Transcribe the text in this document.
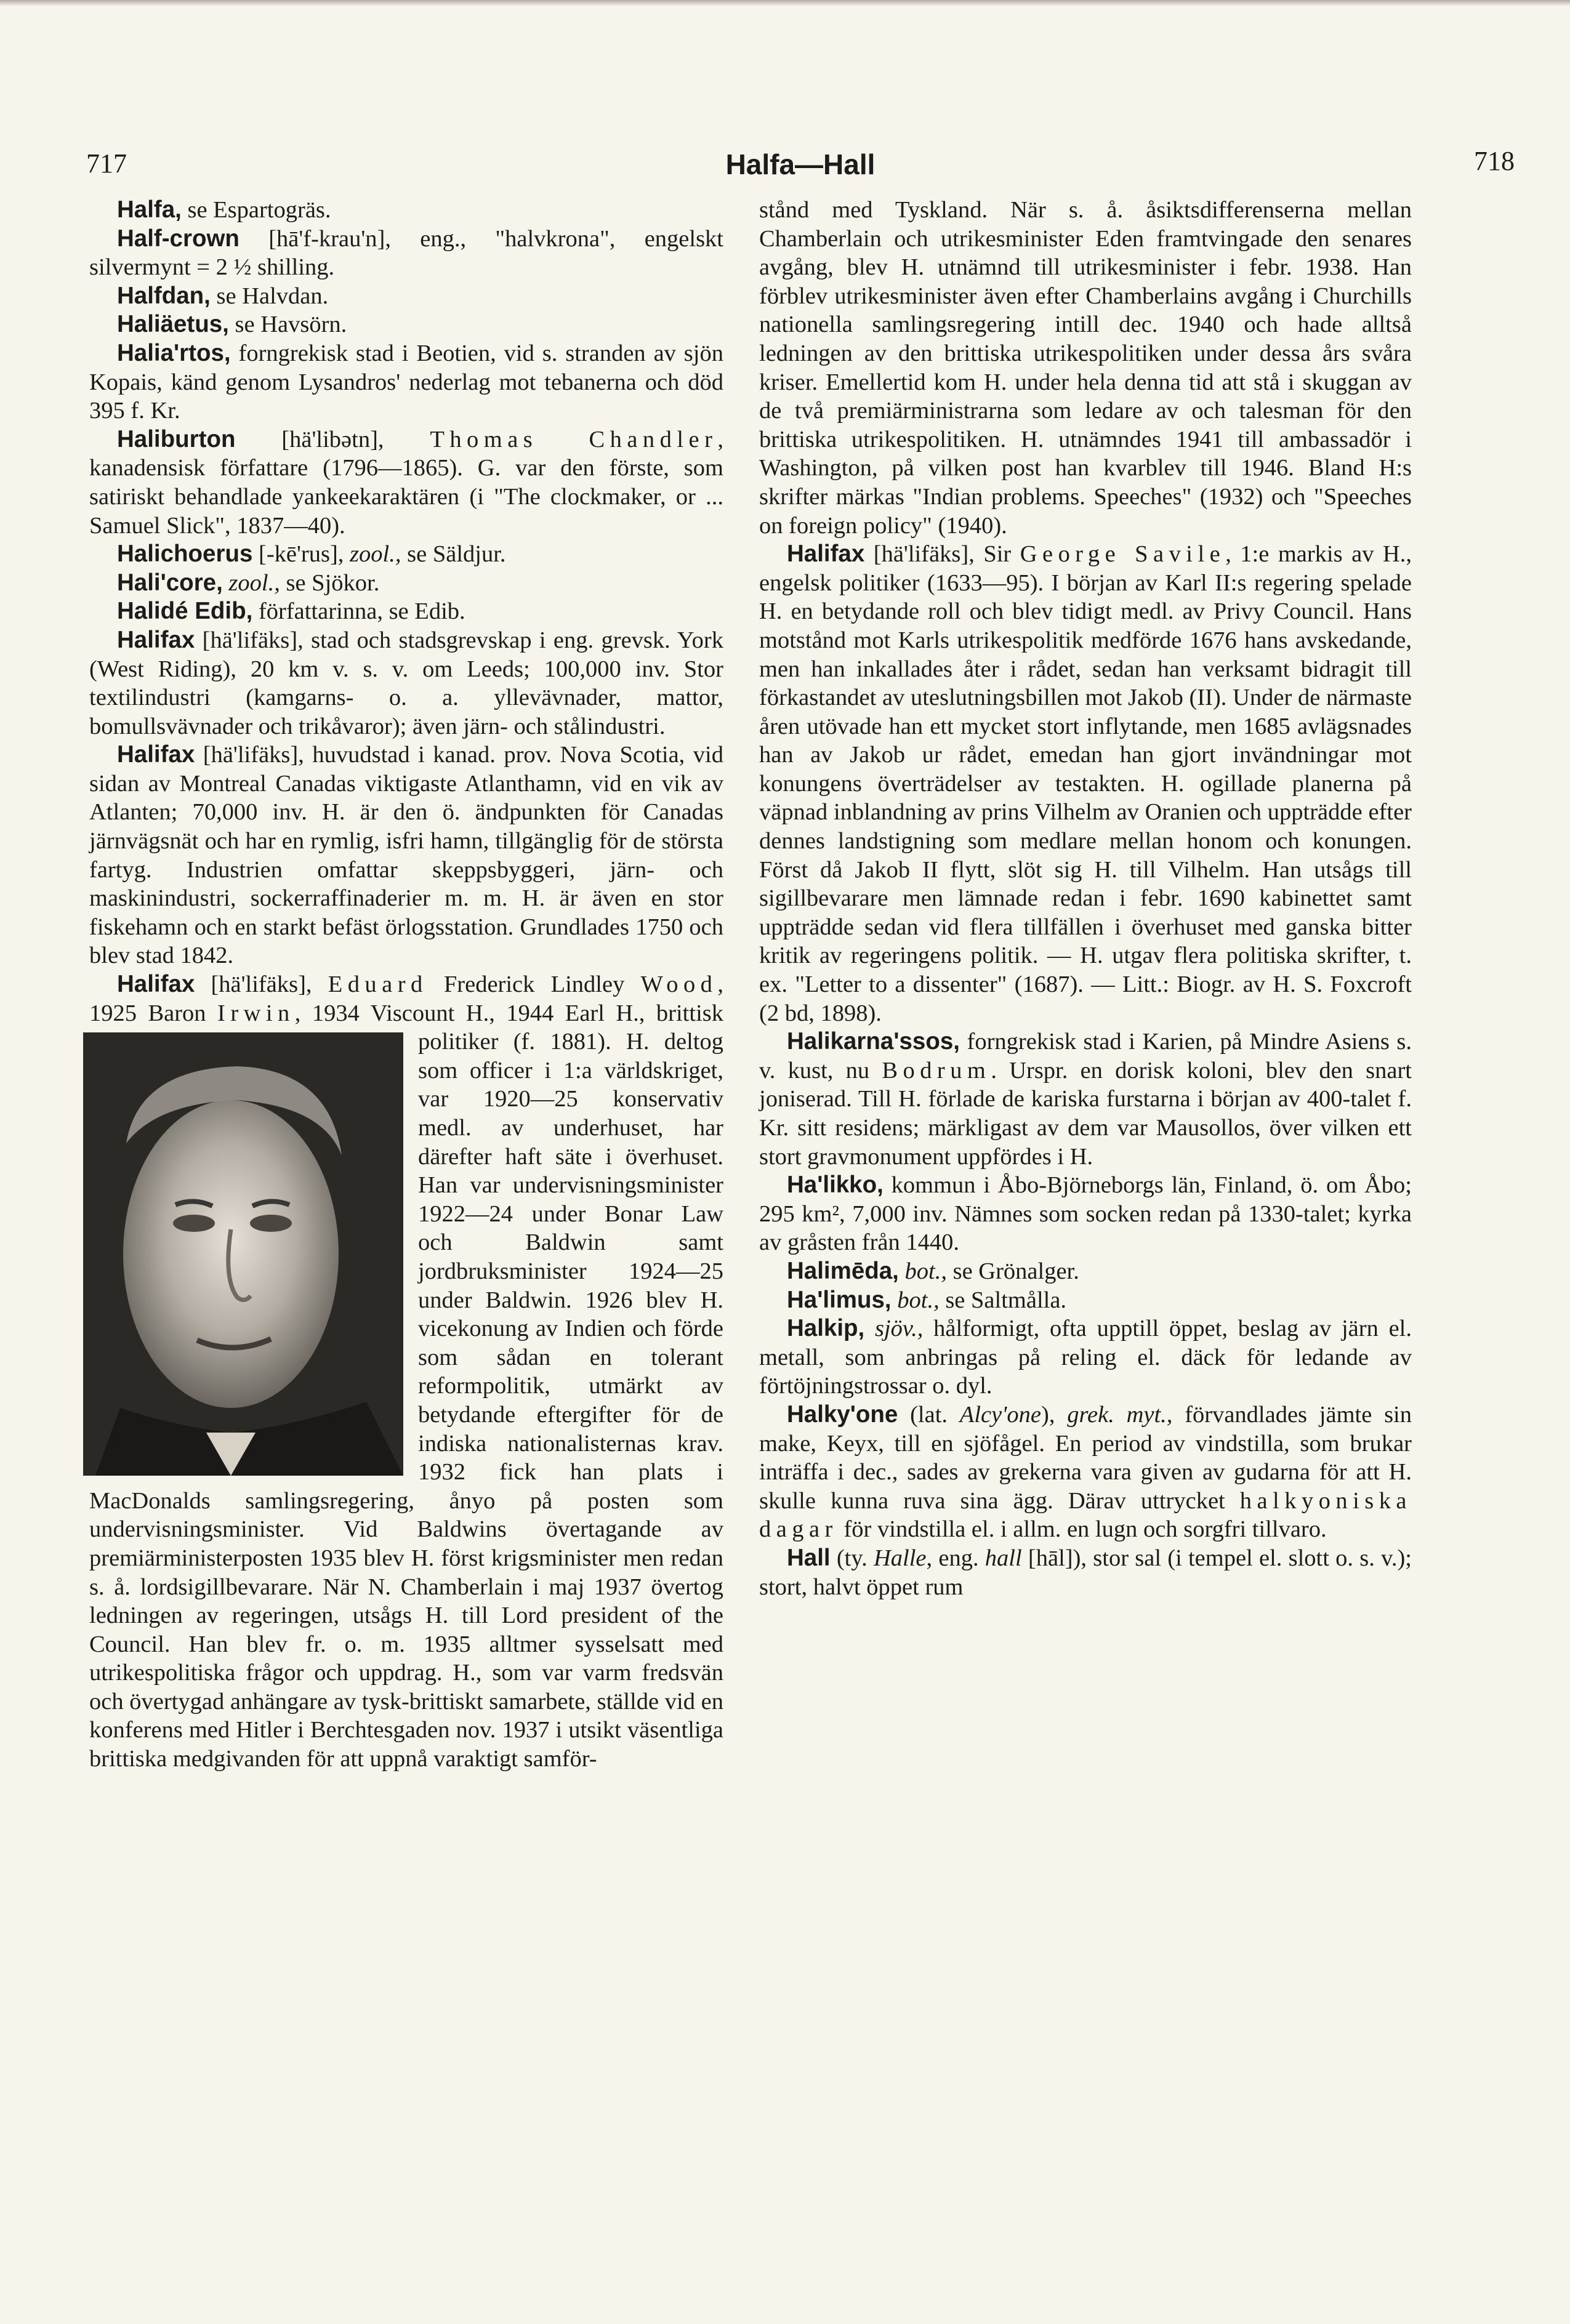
717	Halfa—Hall	718

Halfa, se Espartogräs.

Half-crown [hā'f-krau'n], eng., "halvkrona", engelskt silvermynt = 2 ½ shilling.

Halfdan, se Halvdan.

Haliäetus, se Havsörn.

Halia'rtos, forngrekisk stad i Beotien, vid s. stranden av sjön Kopais, känd genom Lysandros' nederlag mot tebanerna och död 395 f. Kr.

Haliburton [hä'libətn], Thomas Chandler, kanadensisk författare (1796—1865). G. var den förste, som satiriskt behandlade yankeekaraktären (i "The clockmaker, or ... Samuel Slick", 1837—40).

Halichoerus [-kē'rus], zool., se Säldjur.

Hali'core, zool., se Sjökor.

Halidé Edib, författarinna, se Edib.

Halifax [hä'lifäks], stad och stadsgrevskap i eng. grevsk. York (West Riding), 20 km v. s. v. om Leeds; 100,000 inv. Stor textilindustri (kamgarns- o. a. yllevävnader, mattor, bomullsvävnader och trikåvaror); även järn- och stålindustri.

Halifax [hä'lifäks], huvudstad i kanad. prov. Nova Scotia, vid sidan av Montreal Canadas viktigaste Atlanthamn, vid en vik av Atlanten; 70,000 inv. H. är den ö. ändpunkten för Canadas järnvägsnät och har en rymlig, isfri hamn, tillgänglig för de största fartyg. Industrien omfattar skeppsbyggeri, järn- och maskinindustri, sockerraffinaderier m. m. H. är även en stor fiskehamn och en starkt befäst örlogsstation. Grundlades 1750 och blev stad 1842.

Halifax [hä'lifäks], Eduard Frederick Lindley Wood, 1925 Baron Irwin, 1934 Viscount H., 1944 Earl H., brittisk politiker (f. 1881).
H. deltog som officer i 1:a världskriget, var 1920—25 konservativ medl. av underhuset, har därefter haft säte i överhuset. Han var undervisningsminister 1922—24 under Bonar Law och Baldwin samt jordbruksminister 1924—25 under Baldwin. 1926 blev H. vicekonung av Indien och förde som sådan en tolerant reformpolitik, utmärkt av betydande eftergifter för de indiska nationalisternas krav. 1932 fick han plats i MacDonalds samlingsregering, ånyo på posten som undervisningsminister. Vid Baldwins övertagande av premiärministerposten 1935 blev H. först krigsminister men redan s. å. lordsigillbevarare. När N. Chamberlain i maj 1937 övertog ledningen av regeringen, utsågs H. till Lord president of the Council. Han blev fr. o. m. 1935 alltmer sysselsatt med utrikespolitiska frågor och uppdrag. H., som var varm fredsvän och övertygad anhängare av tysk-brittiskt samarbete, ställde vid en konferens med Hitler i Berchtesgaden nov. 1937 i utsikt väsentliga brittiska medgivanden för att uppnå varaktigt samför-

stånd med Tyskland. När s. å. åsiktsdifferenserna mellan Chamberlain och utrikesminister Eden framtvingade den senares avgång, blev H. utnämnd till utrikesminister i febr. 1938. Han förblev utrikesminister även efter Chamberlains avgång i Churchills nationella samlingsregering intill dec. 1940 och hade alltså ledningen av den brittiska utrikespolitiken under dessa års svåra kriser. Emellertid kom H. under hela denna tid att stå i skuggan av de två premiärministrarna som ledare av och talesman för den brittiska utrikespolitiken. H. utnämndes 1941 till ambassadör i Washington, på vilken post han kvarblev till 1946. Bland H:s skrifter märkas "Indian problems. Speeches" (1932) och "Speeches on foreign policy" (1940).

Halifax [hä'lifäks], Sir George Savile, 1:e markis av H., engelsk politiker (1633—95). I början av Karl II:s regering spelade H. en betydande roll och blev tidigt medl. av Privy Council. Hans motstånd mot Karls utrikespolitik medförde 1676 hans avskedande, men han inkallades åter i rådet, sedan han verksamt bidragit till förkastandet av uteslutningsbillen mot Jakob (II). Under de närmaste åren utövade han ett mycket stort inflytande, men 1685 avlägsnades han av Jakob ur rådet, emedan han gjort invändningar mot konungens överträdelser av testakten. H. ogillade planerna på väpnad inblandning av prins Vilhelm av Oranien och uppträdde efter dennes landstigning som medlare mellan honom och konungen. Först då Jakob II flytt, slöt sig H. till Vilhelm. Han utsågs till sigillbevarare men lämnade redan i febr. 1690 kabinettet samt uppträdde sedan vid flera tillfällen i överhuset med ganska bitter kritik av regeringens politik. — H. utgav flera politiska skrifter, t. ex. "Letter to a dissenter" (1687). — Litt.: Biogr. av H. S. Foxcroft (2 bd, 1898).

Halikarna'ssos, forngrekisk stad i Karien, på Mindre Asiens s. v. kust, nu Bodrum. Urspr. en dorisk koloni, blev den snart joniserad. Till H. förlade de kariska furstarna i början av 400-talet f. Kr. sitt residens; märkligast av dem var Mausollos, över vilken ett stort gravmonument uppfördes i H.

Ha'likko, kommun i Åbo-Björneborgs län, Finland, ö. om Åbo; 295 km², 7,000 inv. Nämnes som socken redan på 1330-talet; kyrka av gråsten från 1440.

Halimēda, bot., se Grönalger.

Ha'limus, bot., se Saltmålla.

Halkip, sjöv., hålformigt, ofta upptill öppet, beslag av järn el. metall, som anbringas på reling el. däck för ledande av förtöjningstrossar o. dyl.

Halky'one (lat. Alcy'one), grek. myt., förvandlades jämte sin make, Keyx, till en sjöfågel. En period av vindstilla, som brukar inträffa i dec., sades av grekerna vara given av gudarna för att H. skulle kunna ruva sina ägg. Därav uttrycket halkyoniska dagar för vindstilla el. i allm. en lugn och sorgfri tillvaro.

Hall (ty. Halle, eng. hall [hāl]), stor sal (i tempel el. slott o. s. v.); stort, halvt öppet rum
